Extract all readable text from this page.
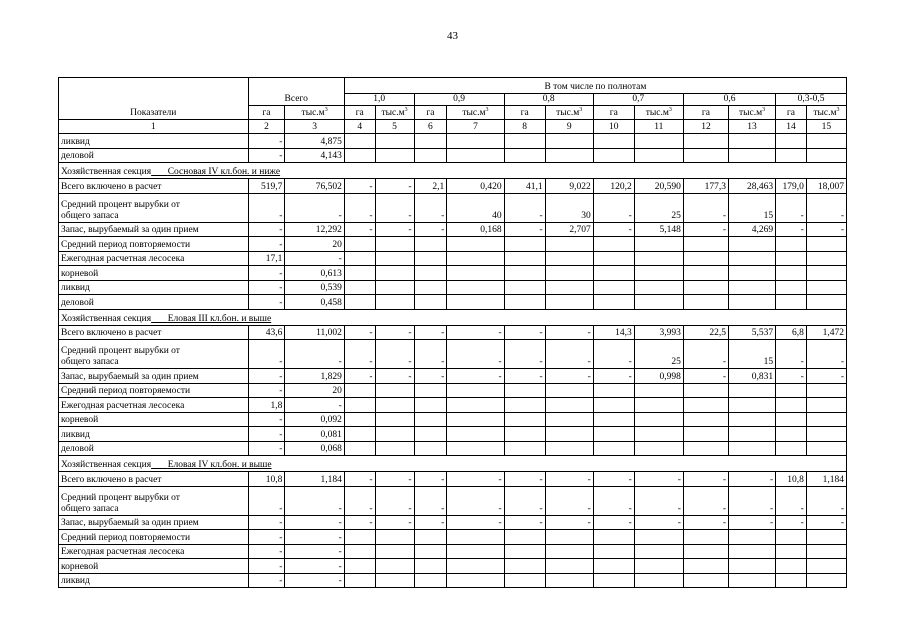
43
Показатели	Всего		В том числе по полнотам											
			1,0		0,9		0,8		0,7		0,6		0,3-0,5	
	га	$тыс.м^3$	га	$тыс.м^3$	га	$тыс.м^3$	га	$тыс.м^3$	га	$тыс.м^3$	га	$тыс.м^3$	га	$тыс.м^3$
1	2	3	4	5	6	7	8	9	10	11	12	13	14	15

ликвид	-	4,875												

деловой	-	4,143												
Хозяйственная секция Сосновая IV кл.бон. и ниже														

Всего включено в расчет	519,7	76,502	-	-	2,1	0,420	41,1	9,022	120,2	20,590	177,3	28,463	179,0	18,007

Средний процент вырубки от
общего запаса	-	-	-	-	-	40	-	30	-	25	-	15	-	-

Запас, вырубаемый за один прием	-	12,292	-	-	-	0,168	-	2,707	-	5,148	-	4,269	-	-

Средний период повторяемости	-	20												

Ежегодная расчетная лесосека	17,1	-												

корневой	-	0,613												

ликвид	-	0,539												

деловой	-	0,458												
Хозяйственная секция Еловая III кл.бон. и выше														

Всего включено в расчет	43,6	11,002	-	-	-	-	-	-	14,3	3,993	22,5	5,537	6,8	1,472

Средний процент вырубки от
общего запаса	-	-	-	-	-	-	-	-	-	25	-	15	-	-

Запас, вырубаемый за один прием	-	1,829	-	-	-	-	-	-	-	0,998	-	0,831	-	-

Средний период повторяемости	-	20												

Ежегодная расчетная лесосека	1,8	-												

корневой	-	0,092												

ликвид	-	0,081												

деловой	-	0,068												
Хозяйственная секция Еловая IV кл.бон. и выше														

Всего включено в расчет	10,8	1,184	-	-	-	-	-	-	-	-	-	-	10,8	1,184

Средний процент вырубки от
общего запаса	-	-	-	-	-	-	-	-	-	-	-	-	-	-

Запас, вырубаемый за один прием	-	-	-	-	-	-	-	-	-	-	-	-	-	-

Средний период повторяемости	-	-												

Ежегодная расчетная лесосека	-	-												

корневой	-	-												

ликвид	-	-												
